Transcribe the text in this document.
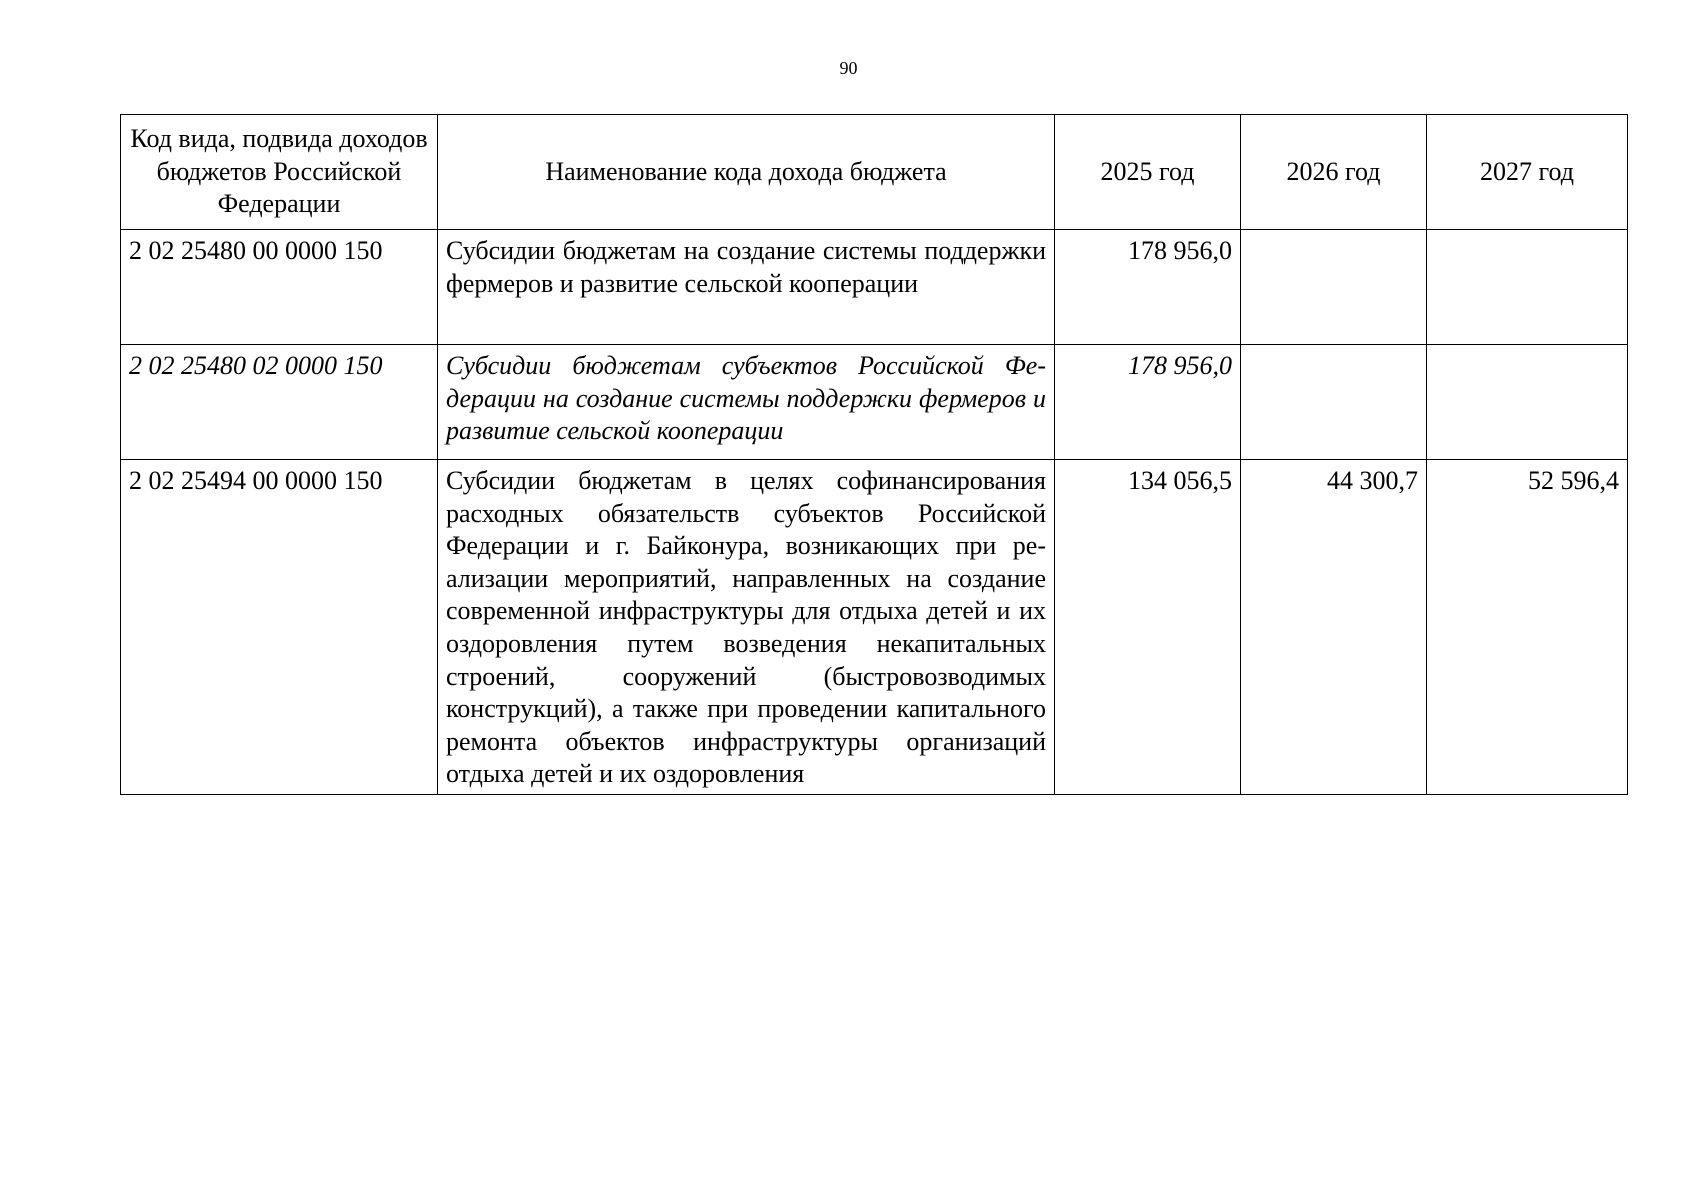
90
Код вида, подвида доходов бюджетов Российской Федерации	Наименование кода дохода бюджета	2025 год	2026 год	2027 год
2 02 25480 00 0000 150	Субсидии бюджетам на создание системы поддержки фермеров и развитие сельской кооперации	178 956,0		
2 02 25480 02 0000 150	Субсидии бюджетам субъектов Российской Федерации на создание системы поддержки фермеров и развитие сельской кооперации	178 956,0		
2 02 25494 00 0000 150	Субсидии бюджетам в целях софинансирования расходных обязательств субъектов Российской Федерации и г. Байконура, возникающих при реализации мероприятий, направленных на создание современной инфраструктуры для отдыха детей и их оздоровления путем возведения некапитальных строений, сооружений (быстровозводимых конструкций), а также при проведении капитального ремонта объектов инфраструктуры организаций отдыха детей и их оздоровления	134 056,5	44 300,7	52 596,4
